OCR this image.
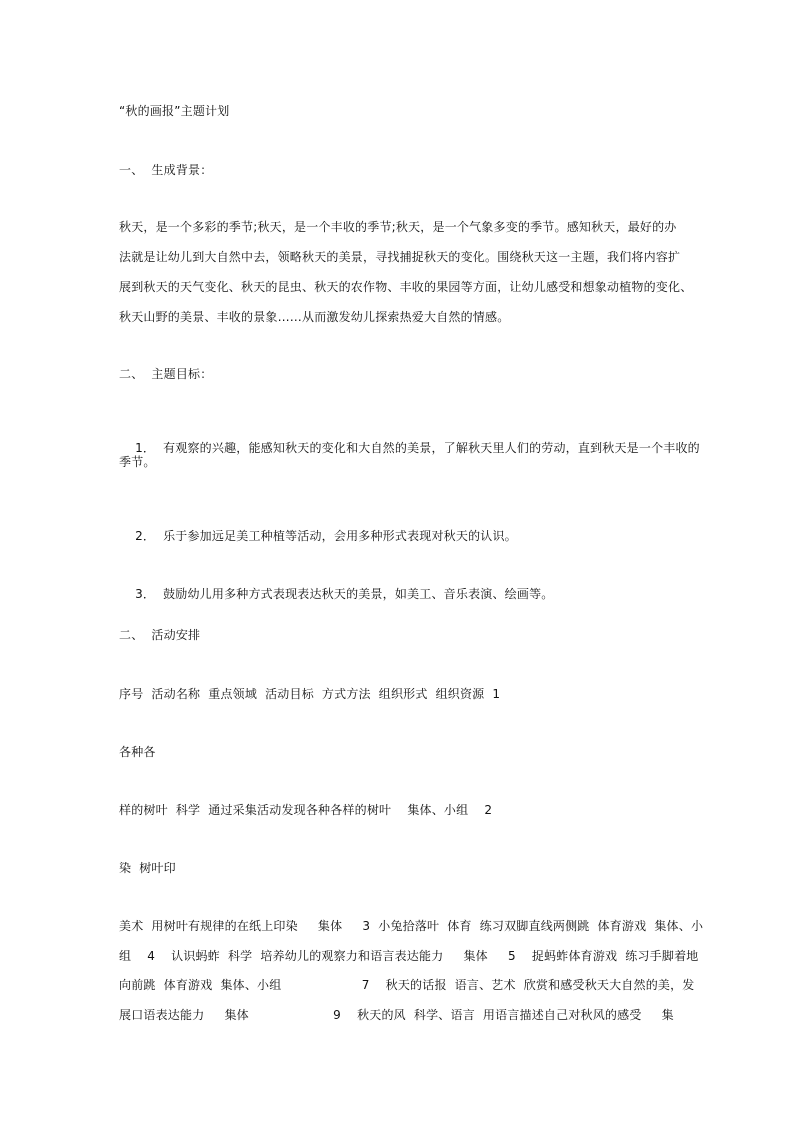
“秋的画报”主题计划
一、  生成背景：
秋天，是一个多彩的季节;秋天，是一个丰收的季节;秋天，是一个气象多变的季节。感知秋天，最好的办
法就是让幼儿到大自然中去，领略秋天的美景，寻找捕捉秋天的变化。围绕秋天这一主题，我们将内容扩
展到秋天的天气变化、秋天的昆虫、秋天的农作物、丰收的果园等方面，让幼儿感受和想象动植物的变化、
秋天山野的美景、丰收的景象……从而激发幼儿探索热爱大自然的情感。
二、  主题目标：

1． 有观察的兴趣，能感知秋天的变化和大自然的美景，了解秋天里人们的劳动，直到秋天是一个丰收的

季节。

2． 乐于参加远足美工种植等活动，会用多种形式表现对秋天的认识。

3． 鼓励幼儿用多种方式表现表达秋天的美景，如美工、音乐表演、绘画等。

二、  活动安排
序号  活动名称  重点领域  活动目标  方式方法  组织形式  组织资源  1
各种各
样的树叶  科学  通过采集活动发现各种各样的树叶    集体、小组    2
染  树叶印
美术  用树叶有规律的在纸上印染     集体     3  小兔拾落叶  体育  练习双脚直线两侧跳  体育游戏  集体、小
组    4    认识蚂蚱  科学  培养幼儿的观察力和语言表达能力     集体     5    捉蚂蚱体育游戏  练习手脚着地
向前跳  体育游戏  集体、小组                    7    秋天的话报  语言、艺术  欣赏和感受秋天大自然的美，发
展口语表达能力     集体                     9    秋天的风  科学、语言  用语言描述自己对秋风的感受     集
